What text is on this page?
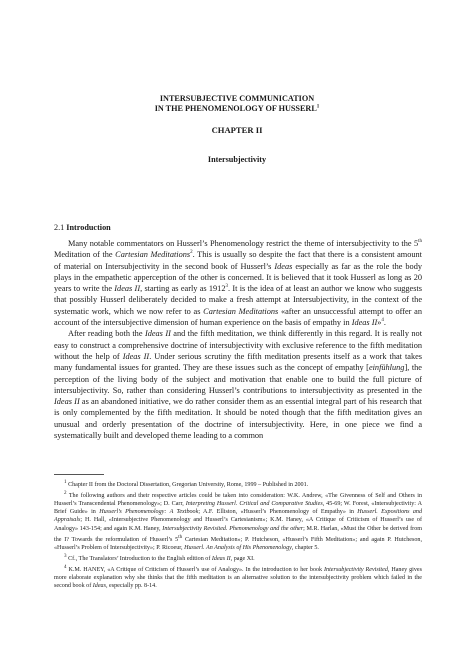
INTERSUBJECTIVE COMMUNICATION
IN THE PHENOMENOLOGY OF HUSSERL$^1$
CHAPTER II
Intersubjectivity
2.1 Introduction

Many notable commentators on Husserl’s Phenomenology restrict the theme of intersubjectivity to the 5th Meditation of the Cartesian Meditations$^2$. This is usually so despite the fact that there is a consistent amount of material on Intersubjectivity in the second book of Husserl’s Ideas especially as far as the role the body plays in the empathetic apperception of the other is concerned. It is believed that it took Husserl as long as 20 years to write the Ideas II, starting as early as 1912$^3$. It is the idea of at least an author we know who suggests that possibly Husserl deliberately decided to make a fresh attempt at Intersubjectivity, in the context of the systematic work, which we now refer to as Cartesian Meditations «after an unsuccessful attempt to offer an account of the intersubjective dimension of human experience on the basis of empathy in Ideas II»$^4$.

After reading both the Ideas II and the fifth meditation, we think differently in this regard. It is really not easy to construct a comprehensive doctrine of intersubjectivity with exclusive reference to the fifth meditation without the help of Ideas II. Under serious scrutiny the fifth meditation presents itself as a work that takes many fundamental issues for granted. They are these issues such as the concept of empathy [einfühlung], the perception of the living body of the subject and motivation that enable one to build the full picture of intersubjectivity. So, rather than considering Husserl’s contributions to intersubjectivity as presented in the Ideas II as an abandoned initiative, we do rather consider them as an essential integral part of his research that is only complemented by the fifth meditation. It should be noted though that the fifth meditation gives an unusual and orderly presentation of the doctrine of intersubjectivity. Here, in one piece we find a systematically built and developed theme leading to a common

$^1$ Chapter II from the Doctoral Dissertation, Gregorian University, Rome, 1999 – Published in 2001.

$^2$ The following authors and their respective articles could be taken into consideration: W.K. Andrew, «The Givenness of Self and Others in Husserl’s Transcendental Phenomenology»; D. Carr, Interpreting Husserl. Critical and Comparative Studies, 45-69; W. Forest, «Intersubjectivity: A Brief Guide» in Husserl’s Phenomenology: A Textbook; A.F. Elliston, «Husserl’s Phenomenology of Empathy» in Husserl. Expositions and Appraisals; H. Hall, «Intersubjective Phenomenology and Husserl’s Cartesianism»; K.M. Haney, «A Critique of Criticism of Husserl’s use of Analogy» 143-154; and again K.M. Haney, Intersubjectivity Revisited. Phenomenology and the other; M.R. Harlan, «Must the Other be derived from the I? Towards the reformulation of Husserl’s 5th Cartesian Meditation»; P. Hutcheson, «Husserl’s Fifth Meditation»; and again P. Hutcheson, «Husserl’s Problem of Intersubjectivity»; P. Ricoeur, Husserl. An Analysis of His Phenomenology, chapter 5.

$^3$ Cf., The Translators’ Introduction to the English edition of Ideas II, page XI.

$^4$ K.M. HANEY, «A Critique of Criticism of Husserl’s use of Analogy». In the introduction to her book Intersubjectivity Revisited, Haney gives more elaborate explanation why she thinks that the fifth meditation is an alternative solution to the intersubjectivity problem which failed in the second book of Ideas, especially pp. 8-14.
